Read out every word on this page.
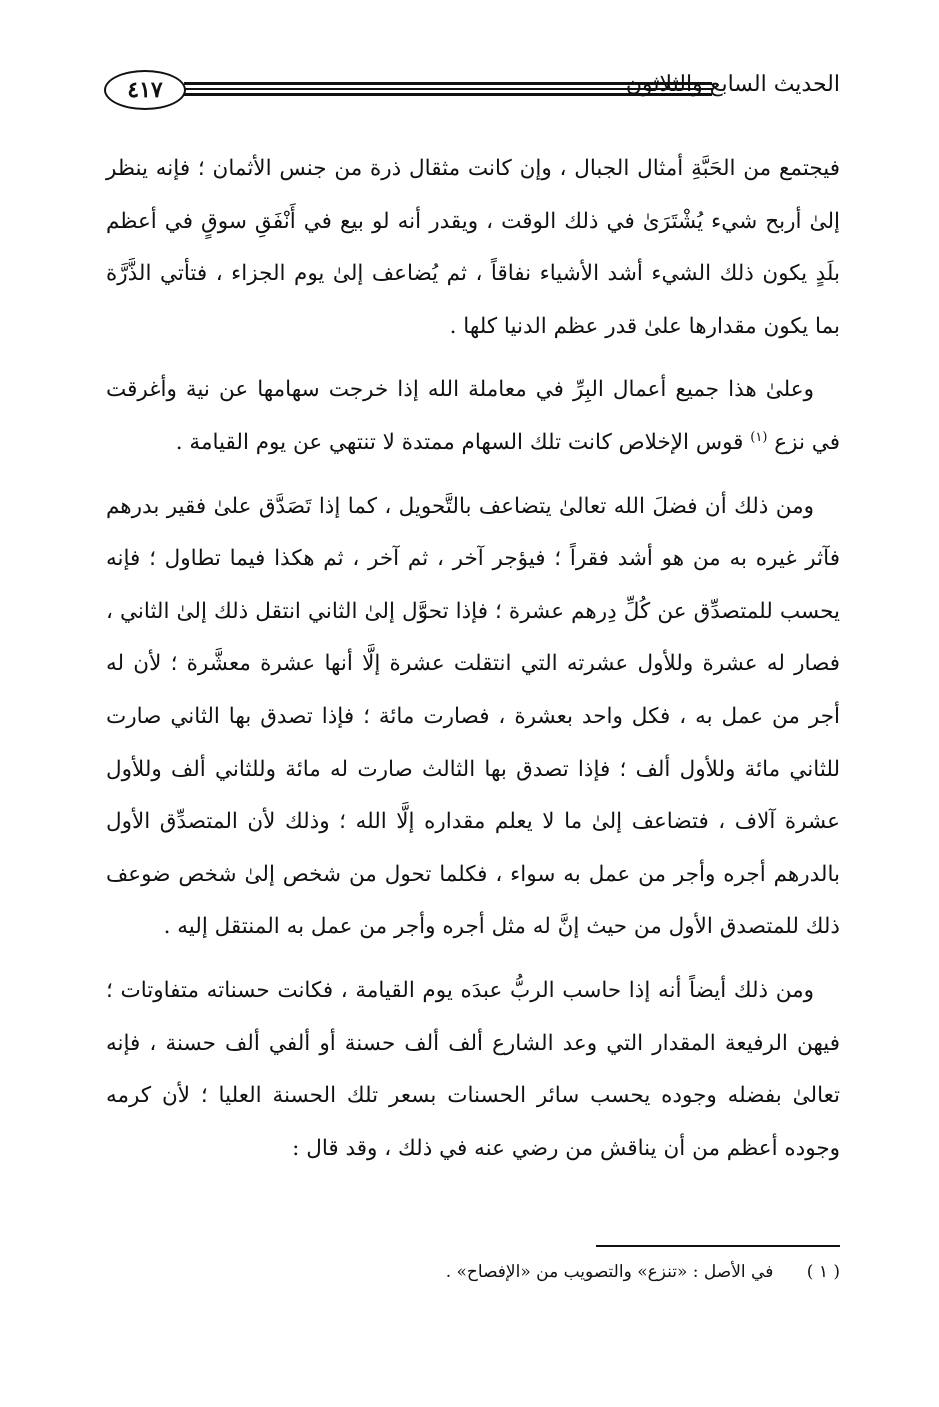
٤١٧	الحديث السابع والثلاثون

فيجتمع من الحَبَّةِ أمثال الجبال ، وإن كانت مثقال ذرة من جنس الأثمان ؛ فإنه ينظر إلىٰ أربح شيء يُشْتَرَىٰ في ذلك الوقت ، ويقدر أنه لو بيع في أَنْفَقِ سوقٍ في أعظم بلَدٍ يكون ذلك الشيء أشد الأشياء نفاقاً ، ثم يُضاعف إلىٰ يوم الجزاء ، فتأتي الذَّرَّة بما يكون مقدارها علىٰ قدر عظم الدنيا كلها .

وعلىٰ هذا جميع أعمال البِرِّ في معاملة الله إذا خرجت سهامها عن نية وأغرقت في نزع $^{(١)}$ قوس الإخلاص كانت تلك السهام ممتدة لا تنتهي عن يوم القيامة .

ومن ذلك أن فضلَ الله تعالىٰ يتضاعف بالتَّحويل ، كما إذا تَصَدَّق علىٰ فقير بدرهم فآثر غيره به من هو أشد فقراً ؛ فيؤجر آخر ، ثم آخر ، ثم هكذا فيما تطاول ؛ فإنه يحسب للمتصدِّق عن كُلِّ دِرهم عشرة ؛ فإذا تحوَّل إلىٰ الثاني انتقل ذلك إلىٰ الثاني ، فصار له عشرة وللأول عشرته التي انتقلت عشرة إلَّا أنها عشرة معشَّرة ؛ لأن له أجر من عمل به ، فكل واحد بعشرة ، فصارت مائة ؛ فإذا تصدق بها الثاني صارت للثاني مائة وللأول ألف ؛ فإذا تصدق بها الثالث صارت له مائة وللثاني ألف وللأول عشرة آلاف ، فتضاعف إلىٰ ما لا يعلم مقداره إلَّا الله ؛ وذلك لأن المتصدِّق الأول بالدرهم أجره وأجر من عمل به سواء ، فكلما تحول من شخص إلىٰ شخص ضوعف ذلك للمتصدق الأول من حيث إنَّ له مثل أجره وأجر من عمل به المنتقل إليه .

ومن ذلك أيضاً أنه إذا حاسب الربُّ عبدَه يوم القيامة ، فكانت حسناته متفاوتات ؛ فيهن الرفيعة المقدار التي وعد الشارع ألف ألف حسنة أو ألفي ألف حسنة ، فإنه تعالىٰ بفضله وجوده يحسب سائر الحسنات بسعر تلك الحسنة العليا ؛ لأن كرمه وجوده أعظم من أن يناقش من رضي عنه في ذلك ، وقد قال :

( ١ ) في الأصل : «تنزع» والتصويب من «الإفصاح» .
